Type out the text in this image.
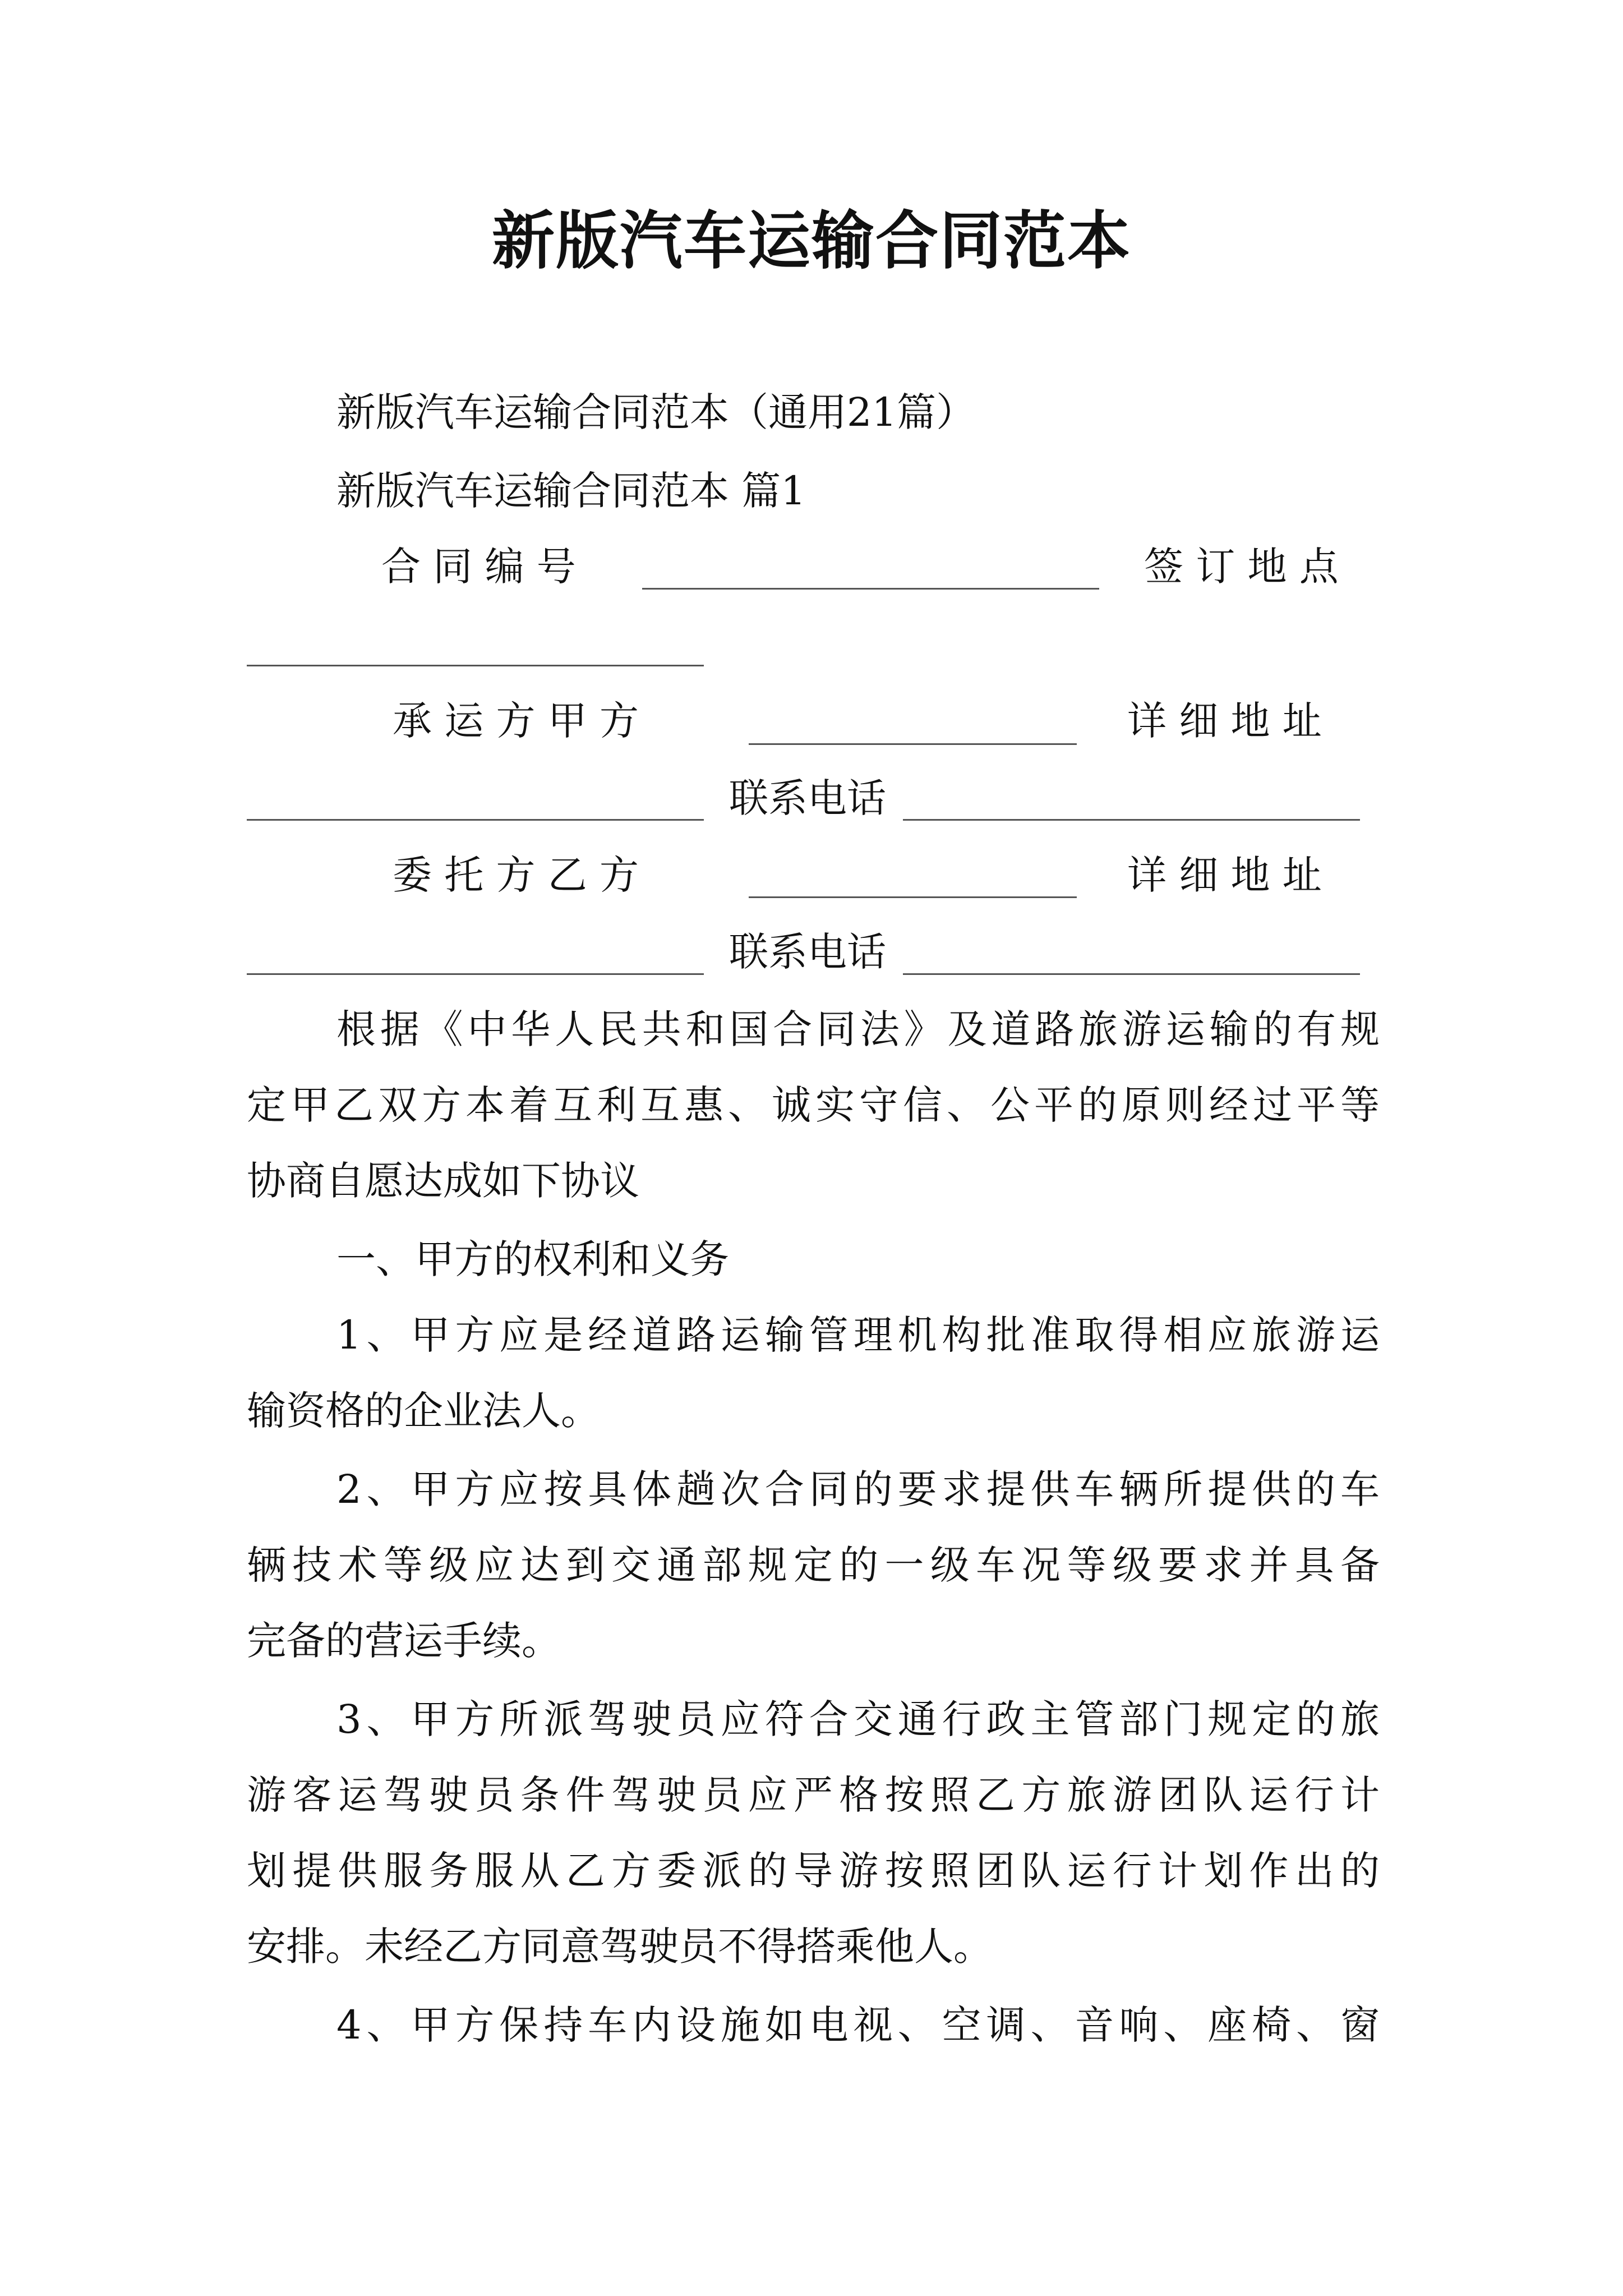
新版汽车运输合同范本
新版汽车运输合同范本（通用21篇）
新版汽车运输合同范本 篇1
合 同 编 号	签 订 地 点
承 运 方 甲 方	详 细 地 址
联系电话
委 托 方 乙 方	详 细 地 址
联系电话
根据《中华人民共和国合同法》及道路旅游运输的有规
定甲乙双方本着互利互惠、诚实守信、公平的原则经过平等
协商自愿达成如下协议
一、甲方的权利和义务
1、甲方应是经道路运输管理机构批准取得相应旅游运
输资格的企业法人。
2、甲方应按具体趟次合同的要求提供车辆所提供的车
辆技术等级应达到交通部规定的一级车况等级要求并具备
完备的营运手续。
3、甲方所派驾驶员应符合交通行政主管部门规定的旅
游客运驾驶员条件驾驶员应严格按照乙方旅游团队运行计
划提供服务服从乙方委派的导游按照团队运行计划作出的
安排。未经乙方同意驾驶员不得搭乘他人。
4、甲方保持车内设施如电视、空调、音响、座椅、窗
